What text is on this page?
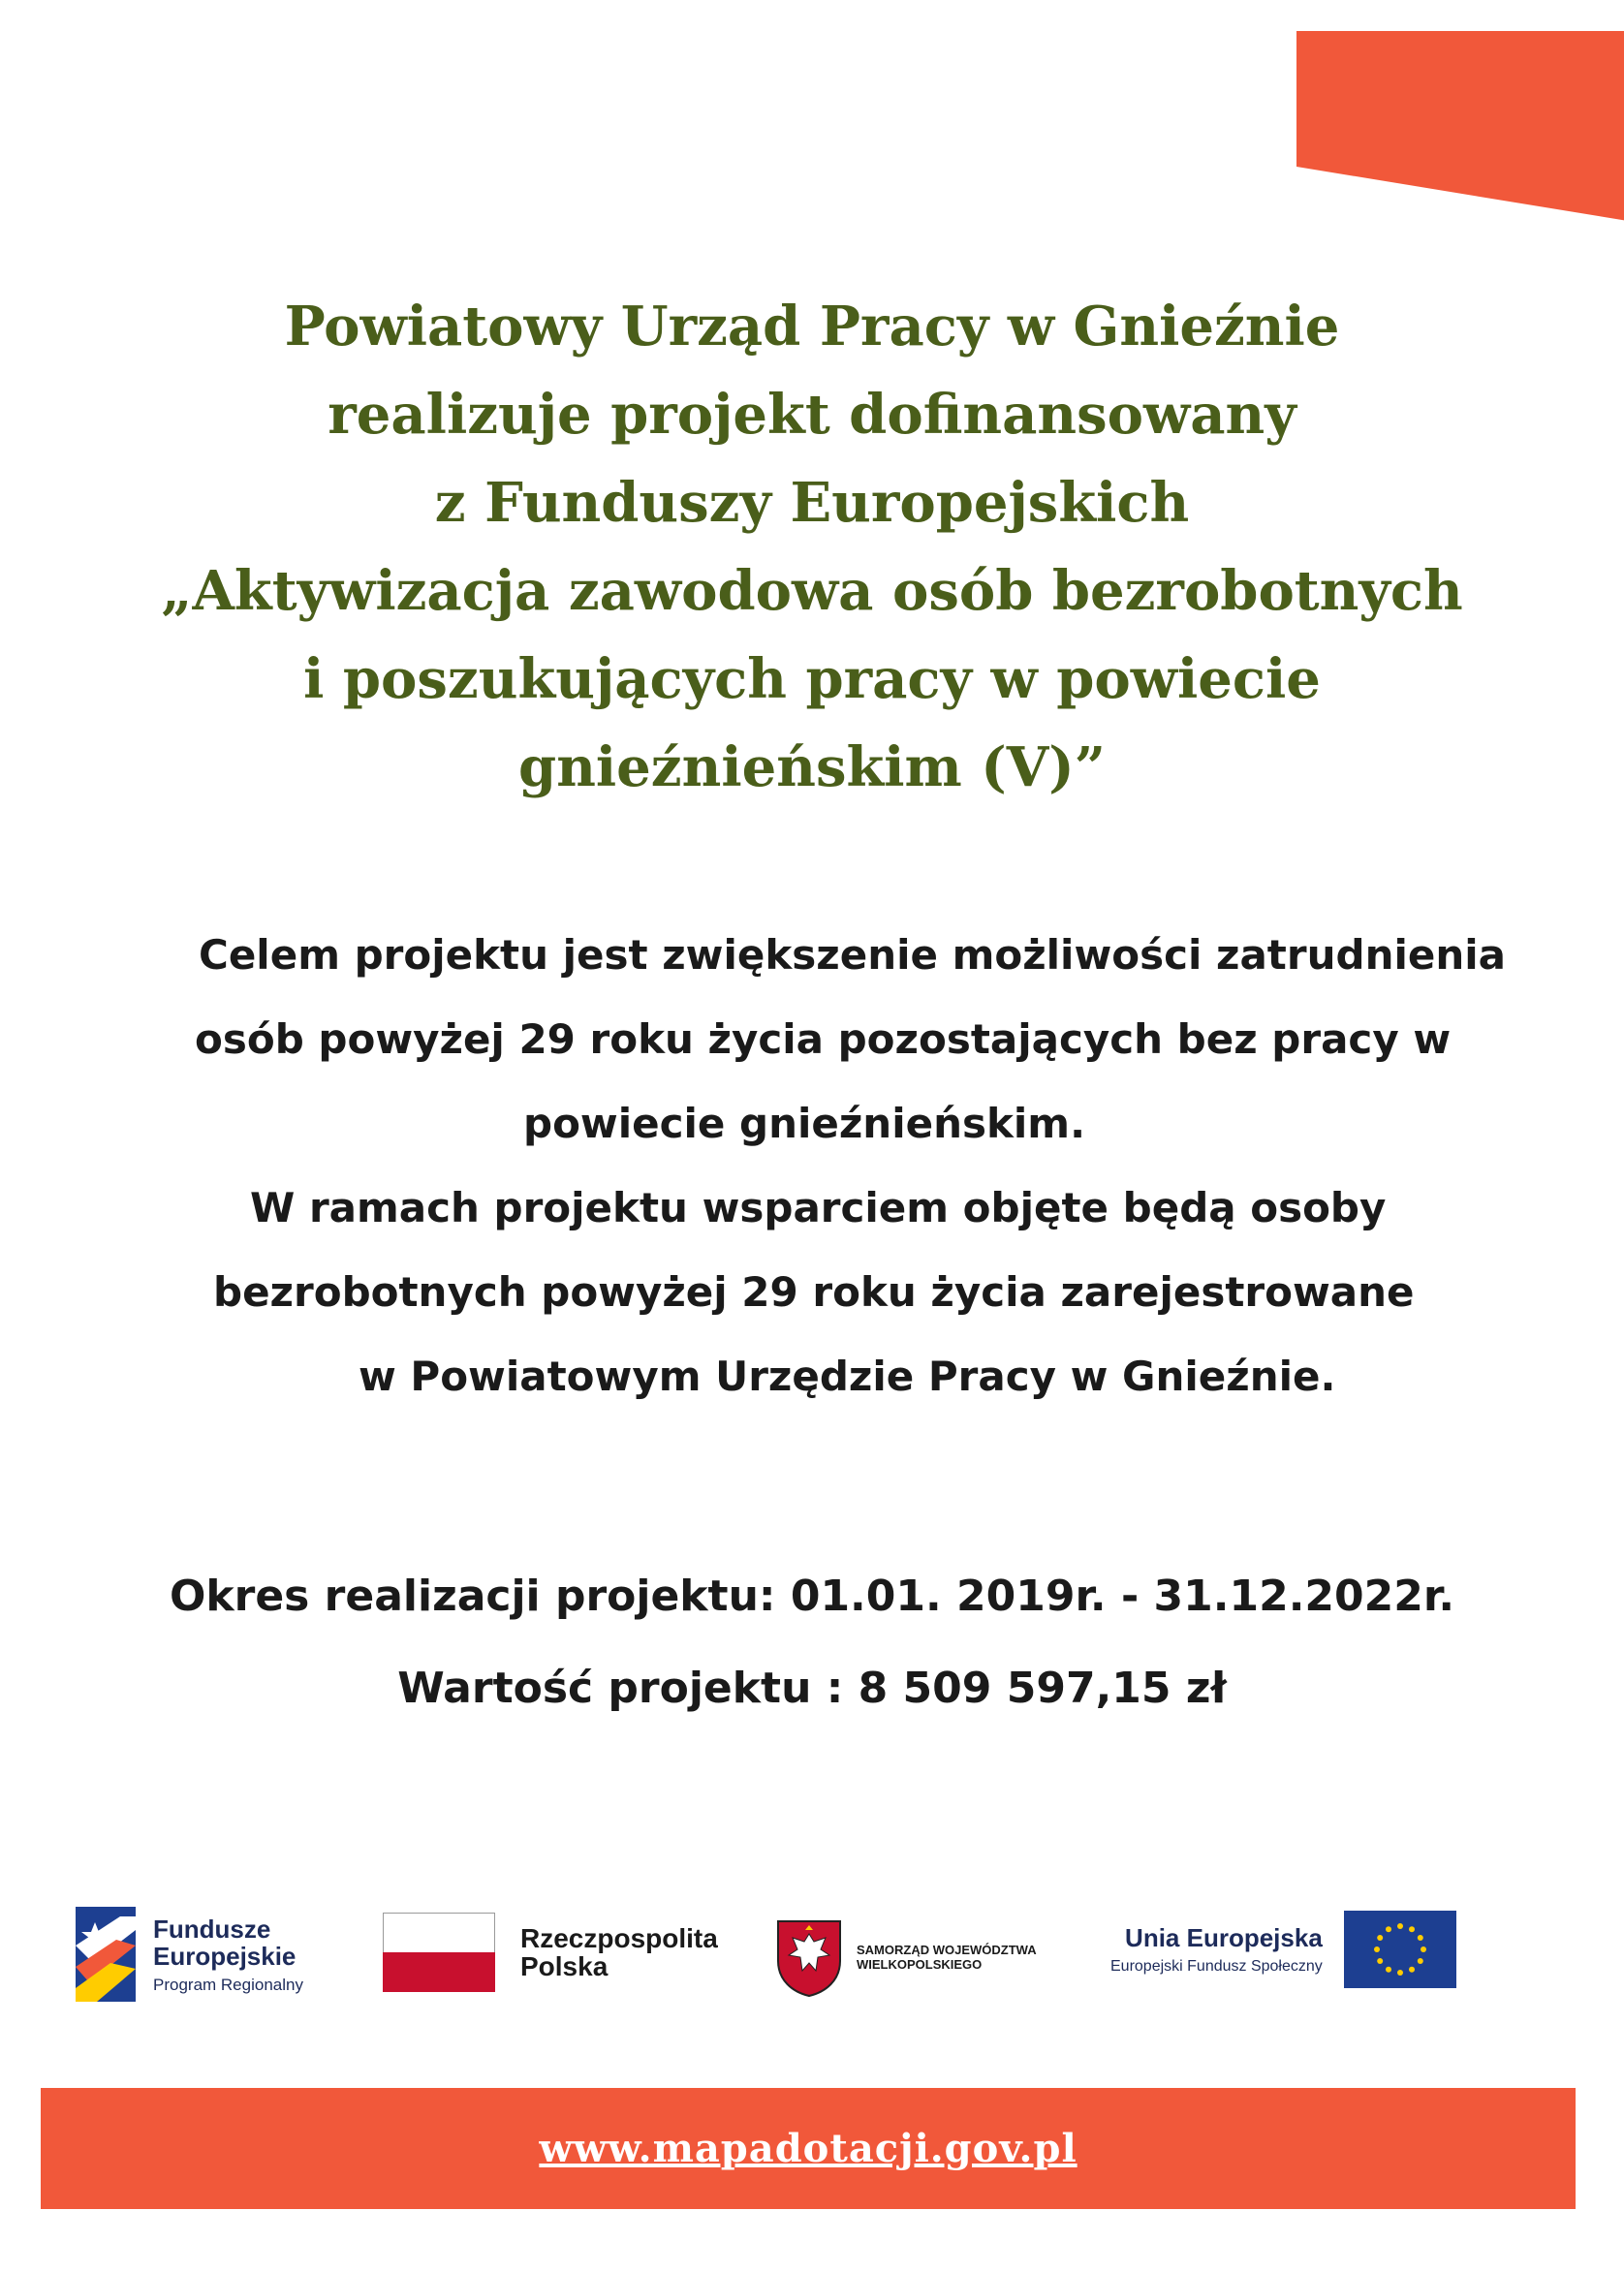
Powiatowy Urząd Pracy w Gnieźnie
realizuje projekt dofinansowany
z Funduszy Europejskich
„Aktywizacja zawodowa osób bezrobotnych
i poszukujących pracy w powiecie
gnieźnieńskim (V)”
Celem projektu jest zwiększenie możliwości zatrudnienia
osób powyżej 29 roku życia pozostających bez pracy w
powiecie gnieźnieńskim.
W ramach projektu wsparciem objęte będą osoby
bezrobotnych powyżej 29 roku życia zarejestrowane
w Powiatowym Urzędzie Pracy w Gnieźnie.
Okres realizacji projektu: 01.01. 2019r. - 31.12.2022r.
Wartość projektu : 8 509 597,15 zł
Fundusze
Europejskie
Program Regionalny
Rzeczpospolita
Polska
SAMORZĄD WOJEWÓDZTWA
WIELKOPOLSKIEGO
Unia Europejska
Europejski Fundusz Społeczny
www.mapadotacji.gov.pl
